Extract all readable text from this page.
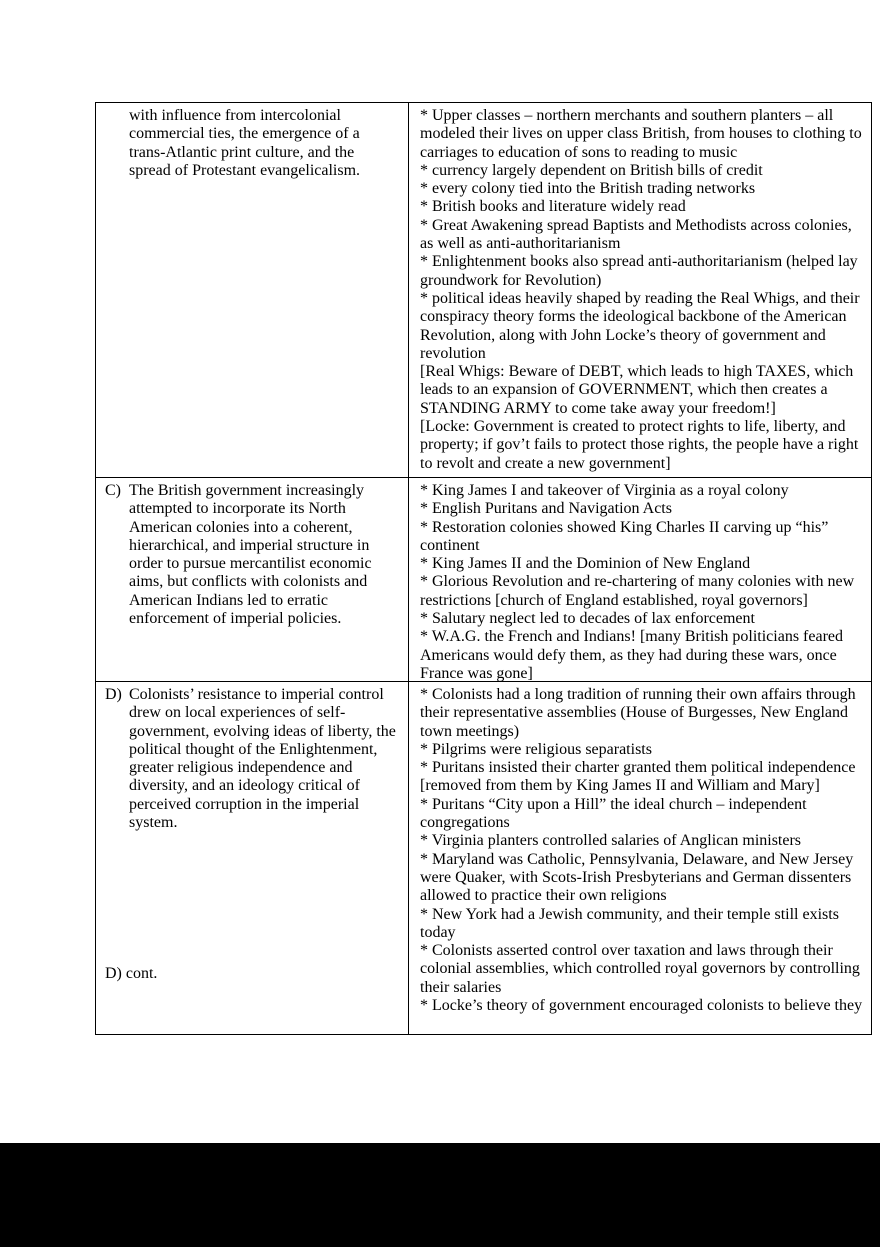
with influence from intercolonial commercial ties, the emergence of a trans-Atlantic print culture, and the spread of Protestant evangelicalism.

* Upper classes – northern merchants and southern planters – all modeled their lives on upper class British, from houses to clothing to carriages to education of sons to reading to music

* currency largely dependent on British bills of credit

* every colony tied into the British trading networks

* British books and literature widely read

* Great Awakening spread Baptists and Methodists across colonies, as well as anti-authoritarianism

* Enlightenment books also spread anti-authoritarianism (helped lay groundwork for Revolution)

* political ideas heavily shaped by reading the Real Whigs, and their conspiracy theory forms the ideological backbone of the American Revolution, along with John Locke’s theory of government and revolution

[Real Whigs: Beware of DEBT, which leads to high TAXES, which leads to an expansion of GOVERNMENT, which then creates a STANDING ARMY to come take away your freedom!]

[Locke: Government is created to protect rights to life, liberty, and property; if gov’t fails to protect those rights, the people have a right to revolt and create a new government]

C) The British government increasingly attempted to incorporate its North American colonies into a coherent, hierarchical, and imperial structure in order to pursue mercantilist economic aims, but conflicts with colonists and American Indians led to erratic enforcement of imperial policies.

* King James I and takeover of Virginia as a royal colony

* English Puritans and Navigation Acts

* Restoration colonies showed King Charles II carving up “his” continent

* King James II and the Dominion of New England

* Glorious Revolution and re-chartering of many colonies with new restrictions [church of England established, royal governors]

* Salutary neglect led to decades of lax enforcement

* W.A.G. the French and Indians! [many British politicians feared Americans would defy them, as they had during these wars, once France was gone]

D) Colonists’ resistance to imperial control drew on local experiences of self-government, evolving ideas of liberty, the political thought of the Enlightenment, greater religious independence and diversity, and an ideology critical of perceived corruption in the imperial system.

D) cont.

* Colonists had a long tradition of running their own affairs through their representative assemblies (House of Burgesses, New England town meetings)

* Pilgrims were religious separatists

* Puritans insisted their charter granted them political independence [removed from them by King James II and William and Mary]

* Puritans “City upon a Hill” the ideal church – independent congregations

* Virginia planters controlled salaries of Anglican ministers

* Maryland was Catholic, Pennsylvania, Delaware, and New Jersey were Quaker, with Scots-Irish Presbyterians and German dissenters allowed to practice their own religions

* New York had a Jewish community, and their temple still exists today

* Colonists asserted control over taxation and laws through their colonial assemblies, which controlled royal governors by controlling their salaries

* Locke’s theory of government encouraged colonists to believe they
